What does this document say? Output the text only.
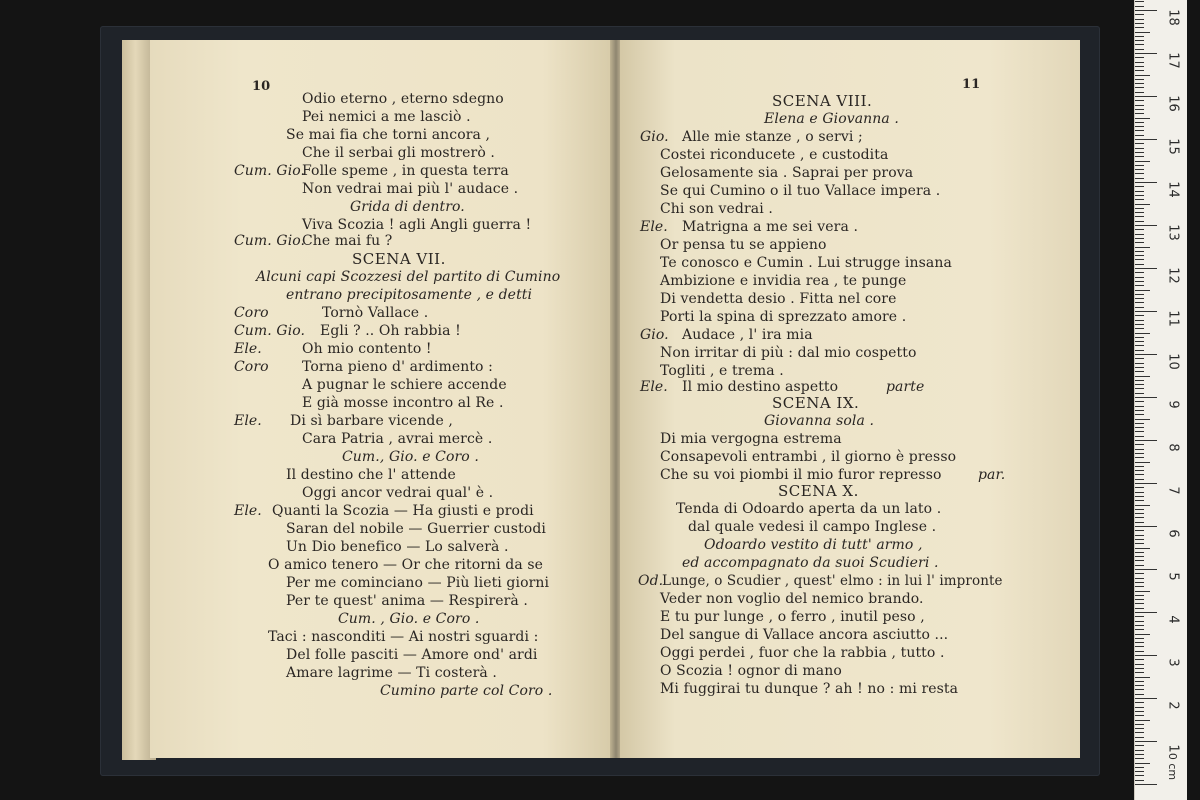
10
Odio eterno , eterno sdegno
Pei nemici a me lasciò .
Se mai fia che torni ancora ,
Che il serbai gli mostrerò .
Cum. Gio.
Folle speme , in questa terra
Non vedrai mai più l' audace .
Grida di dentro.
Viva Scozia ! agli Angli guerra !
Cum. Gio.
Che mai fu ?
SCENA VII.
Alcuni capi Scozzesi del partito di Cumino
entrano precipitosamente , e detti
Coro	Tornò Vallace .
Cum. Gio. Egli ? .. Oh rabbia !
Ele.	Oh mio contento !
Coro Torna pieno d' ardimento :
A pugnar le schiere accende
E già mosse incontro al Re .
Ele. Di sì barbare vicende ,
Cara Patria , avrai mercè .
Cum., Gio. e Coro .
Il destino che l' attende
Oggi ancor vedrai qual' è .
Ele. Quanti la Scozia — Ha giusti e prodi
Saran del nobile — Guerrier custodi
Un Dio benefico — Lo salverà .
O amico tenero — Or che ritorni da se
Per me cominciano — Più lieti giorni
Per te quest' anima — Respirerà .
Cum. , Gio. e Coro .
Taci : nasconditi — Ai nostri sguardi :
Del folle pasciti — Amore ond' ardi
Amare lagrime — Ti costerà .
Cumino parte col Coro .
11
SCENA VIII.
Elena e Giovanna .
Gio. Alle mie stanze , o servi ;
Costei riconducete , e custodita
Gelosamente sia . Saprai per prova
Se qui Cumino o il tuo Vallace impera .
Chi son vedrai .
Ele. Matrigna a me sei vera .
Or pensa tu se appieno
Te conosco e Cumin . Lui strugge insana
Ambizione e invidia rea , te punge
Di vendetta desio . Fitta nel core
Porti la spina di sprezzato amore .
Gio. Audace , l' ira mia
Non irritar di più : dal mio cospetto
Togliti , e trema .
Ele. Il mio destino aspetto	parte
SCENA IX.
Giovanna sola .
Di mia vergogna estrema
Consapevoli entrambi , il giorno è presso
Che su voi piombi il mio furor represso	par.
SCENA X.
Tenda di Odoardo aperta da un lato .
dal quale vedesi il campo Inglese .
Odoardo vestito di tutt' armo ,
ed accompagnato da suoi Scudieri .
Od.
Lunge, o Scudier , quest' elmo : in lui l' impronte
Veder non voglio del nemico brando.
E tu pur lunge , o ferro , inutil peso ,
Del sangue di Vallace ancora asciutto ...
Oggi perdei , fuor che la rabbia , tutto .
O Scozia ! ognor di mano
Mi fuggirai tu dunque ? ah ! no : mi resta
0 cm
1
2
3
4
5
6
7
8
9
10
11
12
13
14
15
16
17
18
